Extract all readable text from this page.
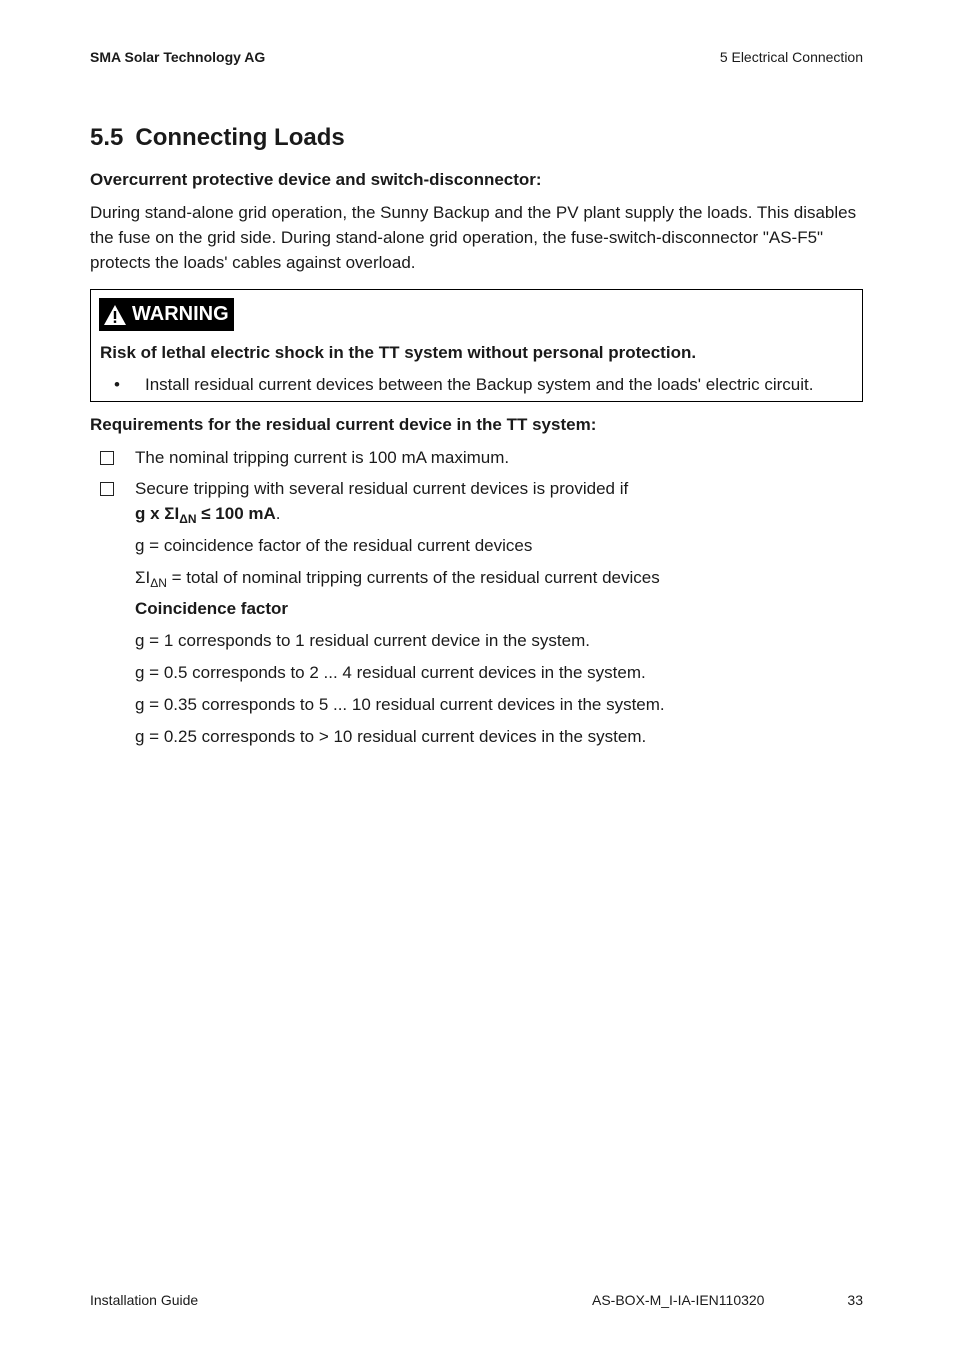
SMA Solar Technology AG	5 Electrical Connection
5.5 Connecting Loads

Overcurrent protective device and switch-disconnector:

During stand-alone grid operation, the Sunny Backup and the PV plant supply the loads. This disables the fuse on the grid side. During stand-alone grid operation, the fuse-switch-disconnector "AS-F5" protects the loads' cables against overload.

WARNING

Risk of lethal electric shock in the TT system without personal protection.

• Install residual current devices between the Backup system and the loads' electric circuit.

Requirements for the residual current device in the TT system:

The nominal tripping current is 100 mA maximum.

Secure tripping with several residual current devices is provided if

g x $\Sigma I_{\Delta N} \le 100$ mA.

g = coincidence factor of the residual current devices

$\Sigma I_{\Delta N}$ = total of nominal tripping currents of the residual current devices

Coincidence factor

g = 1 corresponds to 1 residual current device in the system.

g = 0.5 corresponds to 2 ... 4 residual current devices in the system.

g = 0.35 corresponds to 5 ... 10 residual current devices in the system.

g = 0.25 corresponds to > 10 residual current devices in the system.

Installation Guide	AS-BOX-M_I-IA-IEN110320	33
